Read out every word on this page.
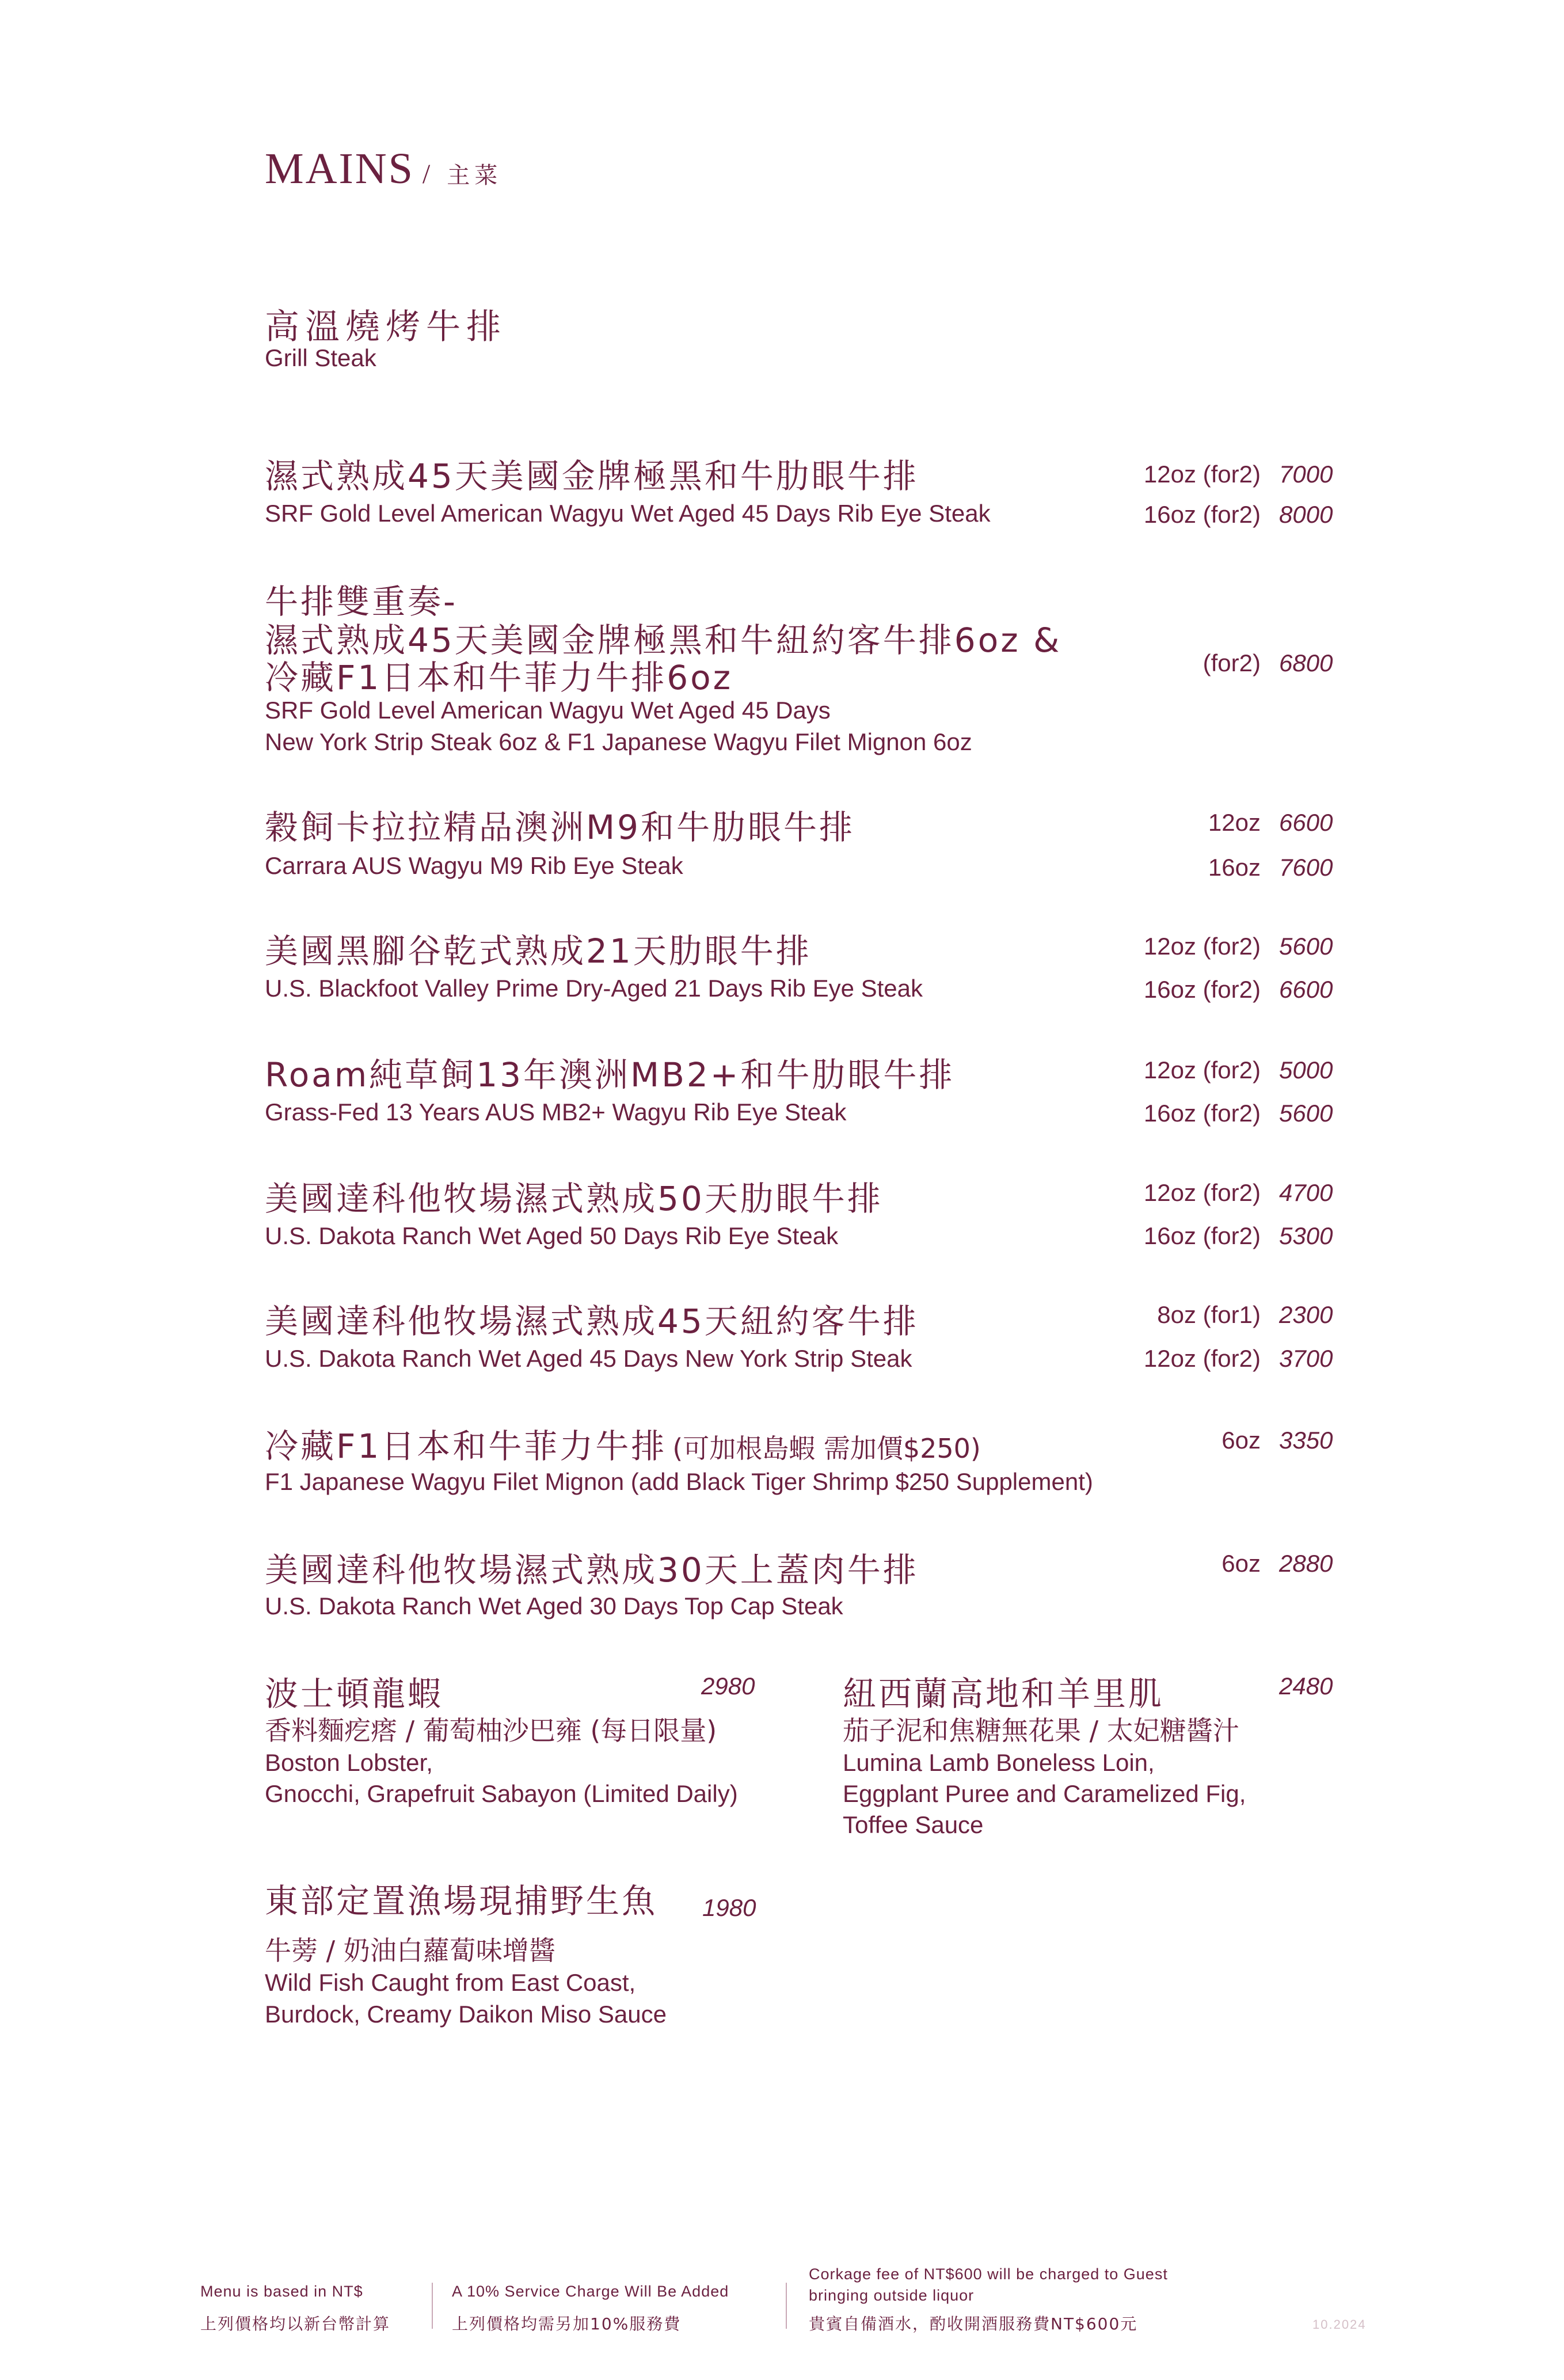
MAINS / 主菜
高溫燒烤牛排
Grill Steak
濕式熟成45天美國金牌極黑和牛肋眼牛排
SRF Gold Level American Wagyu Wet Aged 45 Days Rib Eye Steak
12oz (for2) 7000
16oz (for2) 8000
牛排雙重奏-
濕式熟成45天美國金牌極黑和牛紐約客牛排6oz &
冷藏F1日本和牛菲力牛排6oz
SRF Gold Level American Wagyu Wet Aged 45 Days
New York Strip Steak 6oz & F1 Japanese Wagyu Filet Mignon 6oz
(for2) 6800
穀飼卡拉拉精品澳洲M9和牛肋眼牛排
Carrara AUS Wagyu M9 Rib Eye Steak
12oz 6600
16oz 7600
美國黑腳谷乾式熟成21天肋眼牛排
U.S. Blackfoot Valley Prime Dry-Aged 21 Days Rib Eye Steak
12oz (for2) 5600
16oz (for2) 6600
Roam純草飼13年澳洲MB2+和牛肋眼牛排
Grass-Fed 13 Years AUS MB2+ Wagyu Rib Eye Steak
12oz (for2) 5000
16oz (for2) 5600
美國達科他牧場濕式熟成50天肋眼牛排
U.S. Dakota Ranch Wet Aged 50 Days Rib Eye Steak
12oz (for2) 4700
16oz (for2) 5300
美國達科他牧場濕式熟成45天紐約客牛排
U.S. Dakota Ranch Wet Aged 45 Days New York Strip Steak
8oz (for1) 2300
12oz (for2) 3700
冷藏F1日本和牛菲力牛排 (可加根島蝦 需加價$250)
F1 Japanese Wagyu Filet Mignon (add Black Tiger Shrimp $250 Supplement)
6oz 3350
美國達科他牧場濕式熟成30天上蓋肉牛排
U.S. Dakota Ranch Wet Aged 30 Days Top Cap Steak
6oz 2880
波士頓龍蝦	2980
香料麵疙瘩 / 葡萄柚沙巴雍 (每日限量)
Boston Lobster,
Gnocchi, Grapefruit Sabayon (Limited Daily)
紐西蘭高地和羊里肌	2480
茄子泥和焦糖無花果 / 太妃糖醬汁
Lumina Lamb Boneless Loin,
Eggplant Puree and Caramelized Fig,
Toffee Sauce
東部定置漁場現捕野生魚 1980
牛蒡 / 奶油白蘿蔔味增醬
Wild Fish Caught from East Coast,
Burdock, Creamy Daikon Miso Sauce
Menu is based in NT$
上列價格均以新台幣計算
A 10% Service Charge Will Be Added
上列價格均需另加10%服務費
Corkage fee of NT$600 will be charged to Guest
bringing outside liquor
貴賓自備酒水，酌收開酒服務費NT$600元	10.2024
